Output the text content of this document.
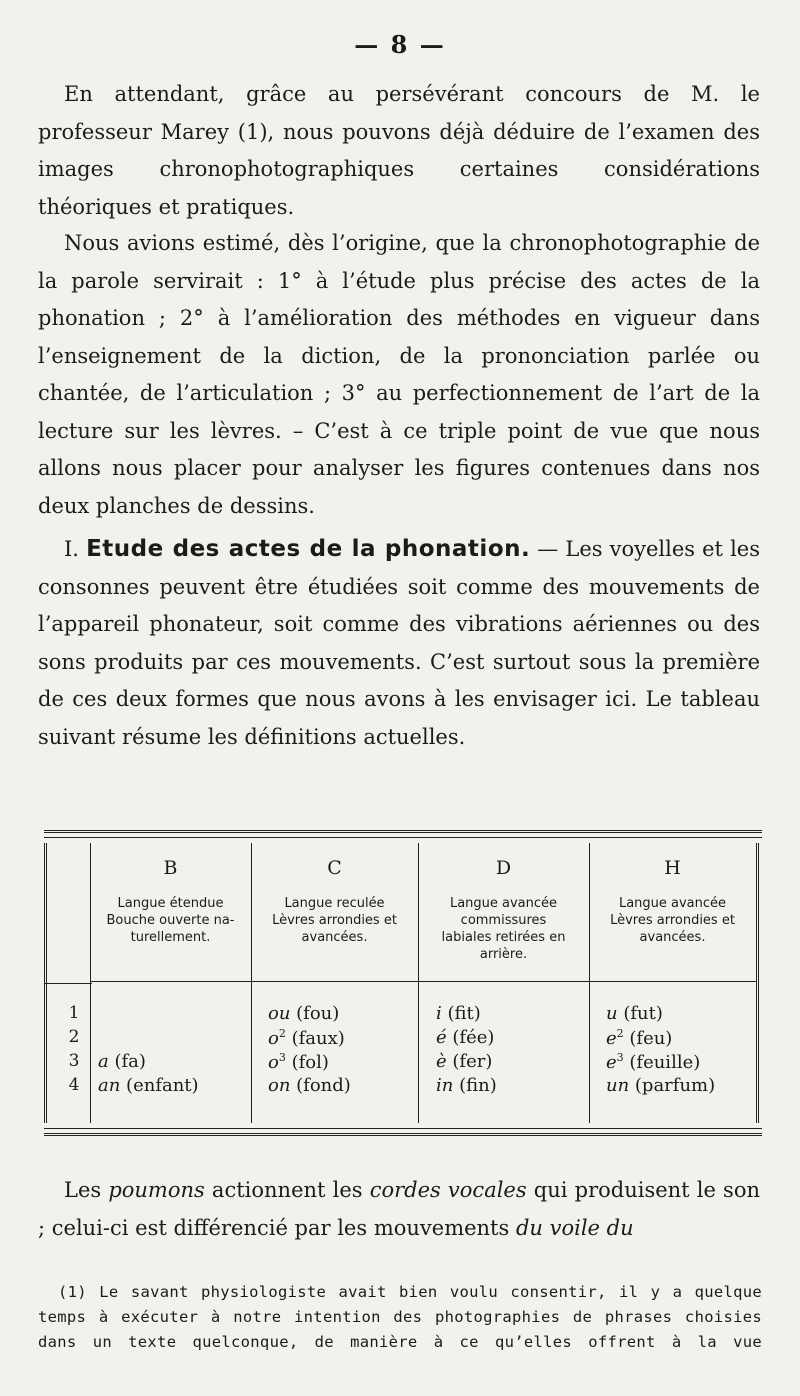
— 8 —

En attendant, grâce au persévérant concours de M. le professeur Marey (1), nous pouvons déjà déduire de l’examen des images chronophotographiques certaines considérations théoriques et pratiques.

Nous avions estimé, dès l’origine, que la chronophotographie de la parole servirait : 1° à l’étude plus précise des actes de la phonation ; 2° à l’amélioration des méthodes en vigueur dans l’enseignement de la diction, de la prononciation parlée ou chantée, de l’articulation ; 3° au perfectionnement de l’art de la lecture sur les lèvres. – C’est à ce triple point de vue que nous allons nous placer pour analyser les figures contenues dans nos deux planches de dessins.

I. Etude des actes de la phonation. — Les voyelles et les consonnes peuvent être étudiées soit comme des mouvements de l’appareil phonateur, soit comme des vibrations aériennes ou des sons produits par ces mouvements. C’est surtout sous la première de ces deux formes que nous avons à les envisager ici. Le tableau suivant résume les définitions actuelles.

B
Langue étendue
Bouche ouverte na-
turellement.
C
Langue reculée
Lèvres arrondies et
avancées.
D
Langue avancée
commissures
labiales retirées en
arrière.
H
Langue avancée
Lèvres arrondies et
avancées.
1
2
3
4
a (fa)
an (enfant)
ou (fou)
$o^2$ (faux)
$o^3$ (fol)
on (fond)
i (fit)
é (fée)
è (fer)
in (fin)
u (fut)
$e^2$ (feu)
$e^3$ (feuille)
un (parfum)

Les poumons actionnent les cordes vocales qui produisent le son ; celui-ci est différencié par les mouvements du voile du

(1) Le savant physiologiste avait bien voulu consentir, il y a quelque
temps à exécuter à notre intention des photographies de phrases choisies
dans un texte quelconque, de manière à ce qu’elles offrent à la vue
